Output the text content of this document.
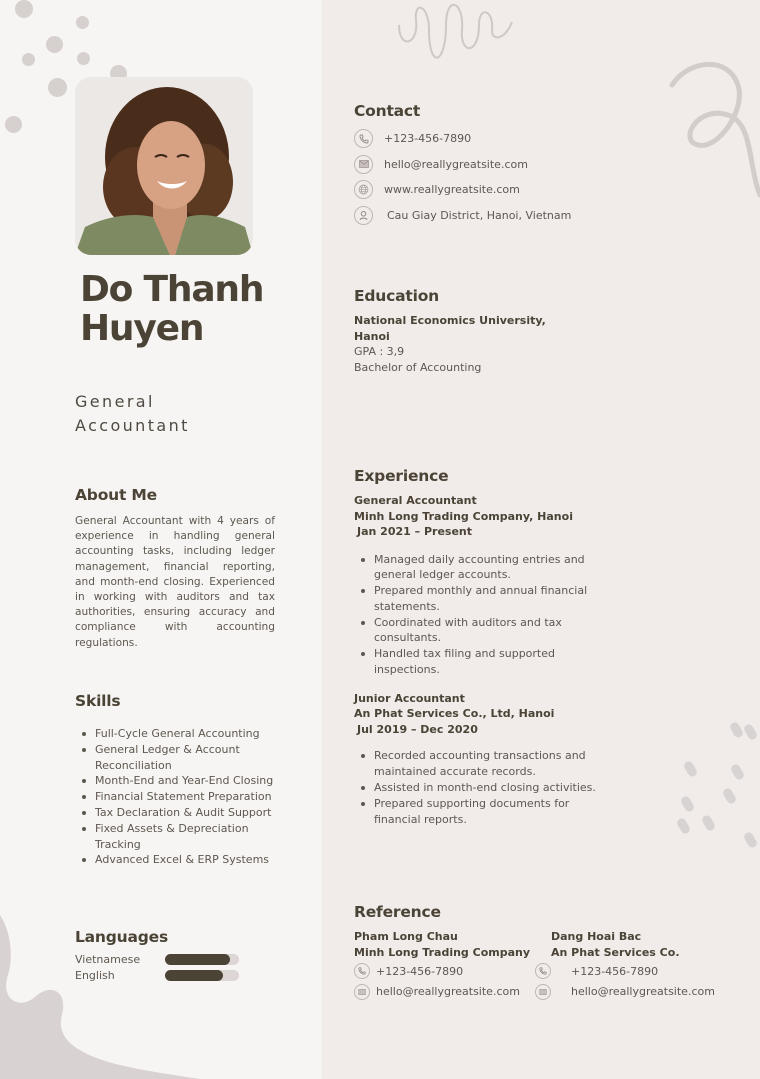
Do Thanh
Huyen
General
Accountant
About Me

General Accountant with 4 years of experience in handling general accounting tasks, including ledger management, financial reporting, and month-end closing. Experienced in working with auditors and tax authorities, ensuring accuracy and compliance with accounting regulations.

Skills
Full-Cycle General Accounting
General Ledger & Account Reconciliation
Month-End and Year-End Closing
Financial Statement Preparation
Tax Declaration & Audit Support
Fixed Assets & Depreciation Tracking
Advanced Excel & ERP Systems
Languages
Vietnamese
English
Contact
+123-456-7890
hello@reallygreatsite.com
www.reallygreatsite.com
Cau Giay District, Hanoi, Vietnam
Education
National Economics University,
Hanoi
GPA : 3,9
Bachelor of Accounting
Experience
General Accountant
Minh Long Trading Company, Hanoi
Jan 2021 – Present
Managed daily accounting entries and general ledger accounts.
Prepared monthly and annual financial statements.
Coordinated with auditors and tax consultants.
Handled tax filing and supported inspections.
Junior Accountant
An Phat Services Co., Ltd, Hanoi
Jul 2019 – Dec 2020
Recorded accounting transactions and maintained accurate records.
Assisted in month-end closing activities.
Prepared supporting documents for financial reports.
Reference
Pham Long Chau
Minh Long Trading Company
+123-456-7890
hello@reallygreatsite.com
Dang Hoai Bac
An Phat Services Co.
+123-456-7890
hello@reallygreatsite.com
